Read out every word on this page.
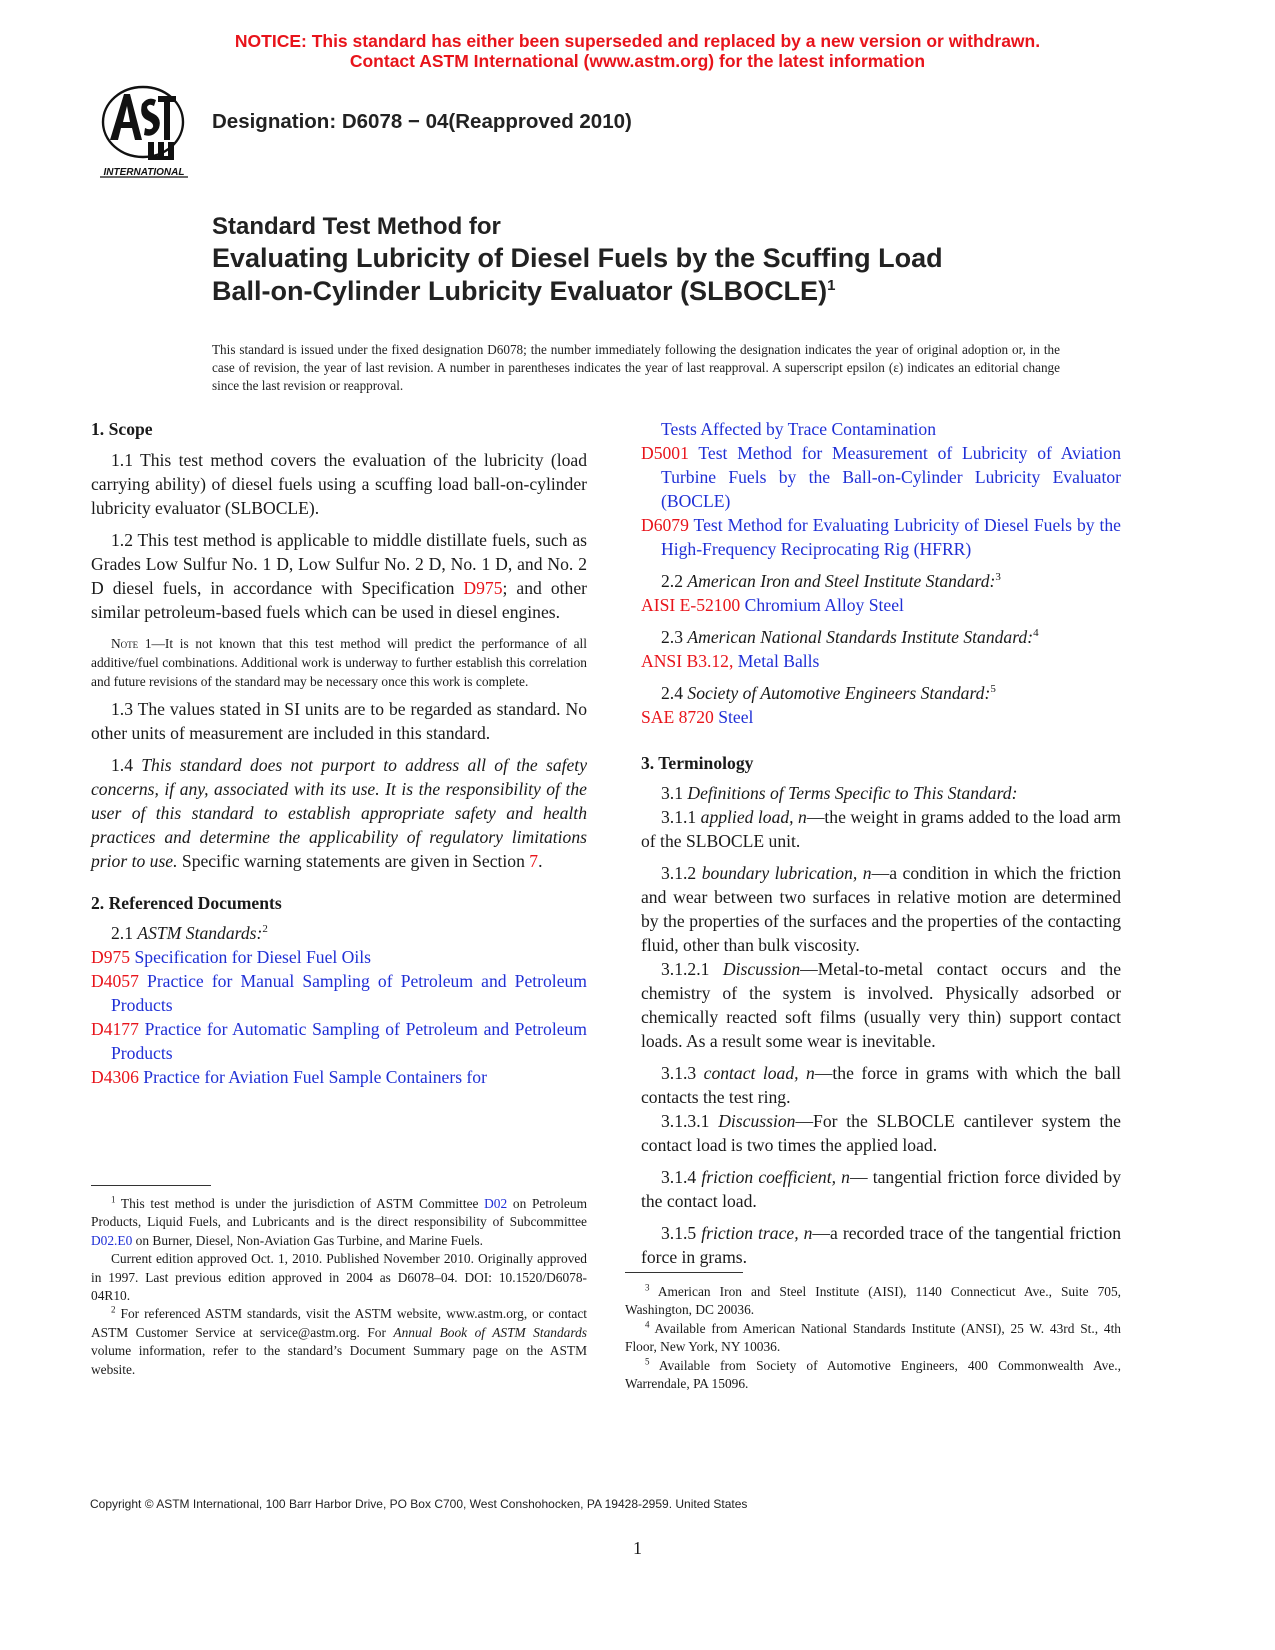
NOTICE: This standard has either been superseded and replaced by a new version or withdrawn.
Contact ASTM International (www.astm.org) for the latest information
INTERNATIONAL
Designation: D6078 − 04(Reapproved 2010)
Standard Test Method for
Evaluating Lubricity of Diesel Fuels by the Scuffing Load
Ball-on-Cylinder Lubricity Evaluator (SLBOCLE)$^1$
This standard is issued under the fixed designation D6078; the number immediately following the designation indicates the year of original adoption or, in the case of revision, the year of last revision. A number in parentheses indicates the year of last reapproval. A superscript epsilon (ε) indicates an editorial change since the last revision or reapproval.

1. Scope

1.1 This test method covers the evaluation of the lubricity (load carrying ability) of diesel fuels using a scuffing load ball-on-cylinder lubricity evaluator (SLBOCLE).

1.2 This test method is applicable to middle distillate fuels, such as Grades Low Sulfur No. 1 D, Low Sulfur No. 2 D, No. 1 D, and No. 2 D diesel fuels, in accordance with Specification D975; and other similar petroleum-based fuels which can be used in diesel engines.

Note 1—It is not known that this test method will predict the performance of all additive/fuel combinations. Additional work is underway to further establish this correlation and future revisions of the standard may be necessary once this work is complete.

1.3 The values stated in SI units are to be regarded as standard. No other units of measurement are included in this standard.

1.4 This standard does not purport to address all of the safety concerns, if any, associated with its use. It is the responsibility of the user of this standard to establish appropriate safety and health practices and determine the applicability of regulatory limitations prior to use. Specific warning statements are given in Section 7.

2. Referenced Documents

2.1 ASTM Standards:$^2$

D975 Specification for Diesel Fuel Oils

D4057 Practice for Manual Sampling of Petroleum and Petroleum Products

D4177 Practice for Automatic Sampling of Petroleum and Petroleum Products

D4306 Practice for Aviation Fuel Sample Containers for

$^1$ This test method is under the jurisdiction of ASTM Committee D02 on Petroleum Products, Liquid Fuels, and Lubricants and is the direct responsibility of Subcommittee D02.E0 on Burner, Diesel, Non-Aviation Gas Turbine, and Marine Fuels.

Current edition approved Oct. 1, 2010. Published November 2010. Originally approved in 1997. Last previous edition approved in 2004 as D6078–04. DOI: 10.1520/D6078-04R10.

$^2$ For referenced ASTM standards, visit the ASTM website, www.astm.org, or contact ASTM Customer Service at service@astm.org. For Annual Book of ASTM Standards volume information, refer to the standard’s Document Summary page on the ASTM website.

Tests Affected by Trace Contamination

D5001 Test Method for Measurement of Lubricity of Aviation Turbine Fuels by the Ball-on-Cylinder Lubricity Evaluator (BOCLE)

D6079 Test Method for Evaluating Lubricity of Diesel Fuels by the High-Frequency Reciprocating Rig (HFRR)

2.2 American Iron and Steel Institute Standard:$^3$

AISI E-52100 Chromium Alloy Steel

2.3 American National Standards Institute Standard:$^4$

ANSI B3.12, Metal Balls

2.4 Society of Automotive Engineers Standard:$^5$

SAE 8720 Steel

3. Terminology

3.1 Definitions of Terms Specific to This Standard:

3.1.1 applied load, n—the weight in grams added to the load arm of the SLBOCLE unit.

3.1.2 boundary lubrication, n—a condition in which the friction and wear between two surfaces in relative motion are determined by the properties of the surfaces and the properties of the contacting fluid, other than bulk viscosity.

3.1.2.1 Discussion—Metal-to-metal contact occurs and the chemistry of the system is involved. Physically adsorbed or chemically reacted soft films (usually very thin) support contact loads. As a result some wear is inevitable.

3.1.3 contact load, n—the force in grams with which the ball contacts the test ring.

3.1.3.1 Discussion—For the SLBOCLE cantilever system the contact load is two times the applied load.

3.1.4 friction coefficient, n— tangential friction force divided by the contact load.

3.1.5 friction trace, n—a recorded trace of the tangential friction force in grams.

$^3$ American Iron and Steel Institute (AISI), 1140 Connecticut Ave., Suite 705, Washington, DC 20036.

$^4$ Available from American National Standards Institute (ANSI), 25 W. 43rd St., 4th Floor, New York, NY 10036.

$^5$ Available from Society of Automotive Engineers, 400 Commonwealth Ave., Warrendale, PA 15096.

Copyright © ASTM International, 100 Barr Harbor Drive, PO Box C700, West Conshohocken, PA 19428-2959. United States
1
